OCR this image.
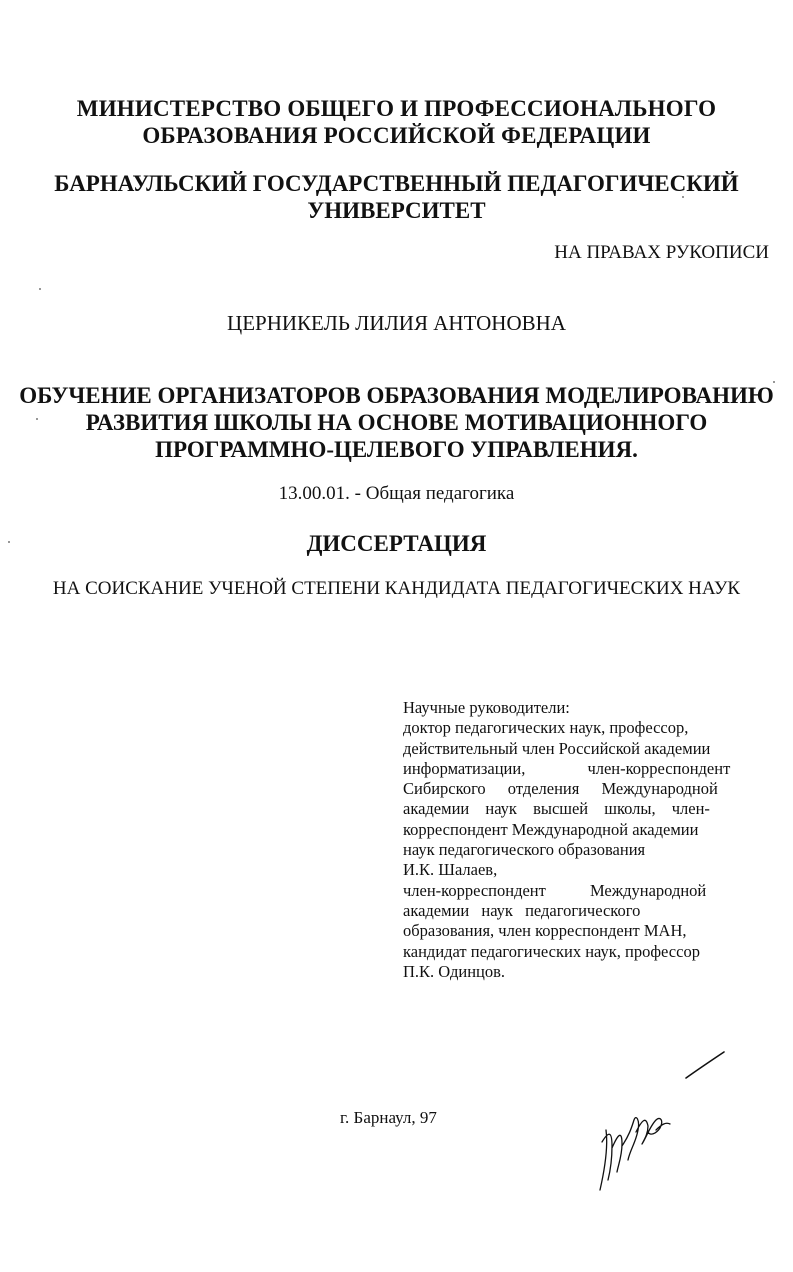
МИНИСТЕРСТВО ОБЩЕГО И ПРОФЕССИОНАЛЬНОГО
ОБРАЗОВАНИЯ РОССИЙСКОЙ ФЕДЕРАЦИИ
БАРНАУЛЬСКИЙ ГОСУДАРСТВЕННЫЙ ПЕДАГОГИЧЕСКИЙ
УНИВЕРСИТЕТ
НА ПРАВАХ РУКОПИСИ
ЦЕРНИКЕЛЬ ЛИЛИЯ АНТОНОВНА
ОБУЧЕНИЕ ОРГАНИЗАТОРОВ ОБРАЗОВАНИЯ МОДЕЛИРОВАНИЮ
РАЗВИТИЯ ШКОЛЫ НА ОСНОВЕ МОТИВАЦИОННОГО
ПРОГРАММНО-ЦЕЛЕВОГО УПРАВЛЕНИЯ.
13.00.01. - Общая педагогика
ДИССЕРТАЦИЯ
НА СОИСКАНИЕ УЧЕНОЙ СТЕПЕНИ КАНДИДАТА ПЕДАГОГИЧЕСКИХ НАУК
Научные руководители:
доктор педагогических наук, профессор,
действительный член Российской академии
информатизации, член-корреспондент
Сибирского отделения Международной
академии наук высшей школы, член-
корреспондент Международной академии
наук педагогического образования
И.К. Шалаев,
член-корреспондент Международной
академии наук педагогического
образования, член корреспондент МАН,
кандидат педагогических наук, профессор
П.К. Одинцов.
г. Барнаул, 97
